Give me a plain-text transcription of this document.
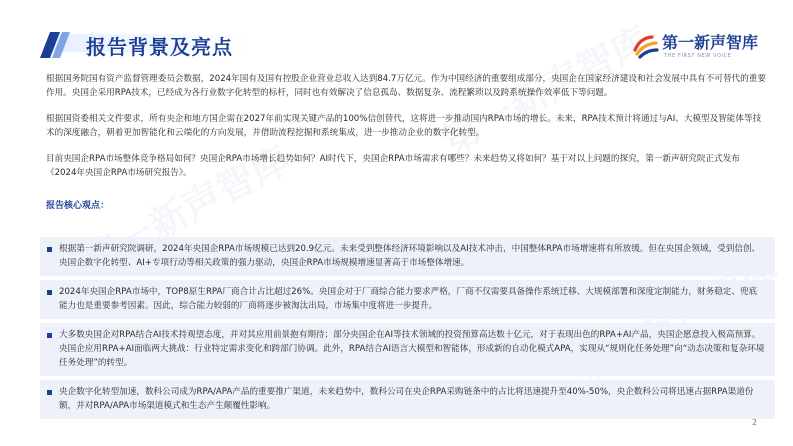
报告背景及亮点	第一新声智库
THE FIRST NEW VOICE

根据国务院国有资产监督管理委员会数据，2024年国有及国有控股企业营业总收入达到84.7万亿元。作为中国经济的重要组成部分，央国企在国家经济建设和社会发展中具有不可替代的重要作用。央国企采用RPA技术，已经成为各行业数字化转型的标杆，同时也有效解决了信息孤岛、数据复杂、流程繁琐以及跨系统操作效率低下等问题。

根据国资委相关文件要求，所有央企和地方国企需在2027年前实现关键产品的100%信创替代，这将进一步推动国内RPA市场的增长。未来，RPA技术预计将通过与AI、大模型及智能体等技术的深度融合，朝着更加智能化和云端化的方向发展，并借助流程挖掘和系统集成，进一步推动企业的数字化转型。

目前央国企RPA市场整体竞争格局如何？央国企RPA市场增长趋势如何？AI时代下，央国企RPA市场需求有哪些？未来趋势又将如何？基于对以上问题的探究，第一新声研究院正式发布《2024年央国企RPA市场研究报告》。

报告核心观点：
根据第一新声研究院调研，2024年央国企RPA市场规模已达到20.9亿元。未来受到整体经济环境影响以及AI技术冲击，中国整体RPA市场增速将有所放缓。但在央国企领域，受到信创、央国企数字化转型、AI+专项行动等相关政策的强力驱动，央国企RPA市场规模增速显著高于市场整体增速。
2024年央国企RPA市场中，TOP8原生RPA厂商合计占比超过26%。央国企对于厂商综合能力要求严格，厂商不仅需要具备操作系统迁移、大规模部署和深度定制能力，财务稳定、兜底能力也是重要参考因素。因此，综合能力较弱的厂商将逐步被淘汰出局，市场集中度将进一步提升。
大多数央国企对RPA结合AI技术持观望态度，并对其应用前景抱有期待；部分央国企在AI等技术领域的投资预算高达数十亿元，对于表现出色的RPA+AI产品，央国企愿意投入极高预算。央国企应用RPA+AI面临两大挑战：行业特定需求变化和跨部门协调。此外，RPA结合AI语言大模型和智能体，形成新的自动化模式APA，实现从“规则化任务处理”向“动态决策和复杂环境任务处理”的转型。
央企数字化转型加速，数科公司成为RPA/APA产品的重要推广渠道，未来趋势中，数科公司在央企RPA采购链条中的占比将迅速提升至40%-50%，央企数科公司将迅速占据RPA渠道份额，并对RPA/APA市场渠道模式和生态产生颠覆性影响。
2
